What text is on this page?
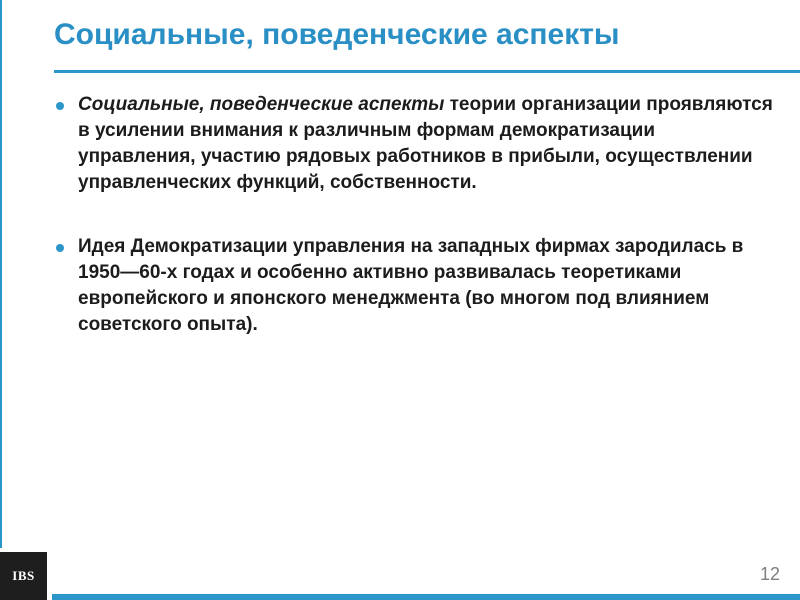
Социальные, поведенческие аспекты
Социальные, поведенческие аспекты теории организации проявляются в усилении внимания к различным формам демократизации управления, участию рядовых работников в прибыли, осуществлении управленческих функций, собственности.
Идея Демократизации управления на западных фирмах зародилась в 1950—60-х годах и особенно активно развивалась теоретиками европейского и японского менеджмента (во многом под влиянием советского опыта).
IBS	12
